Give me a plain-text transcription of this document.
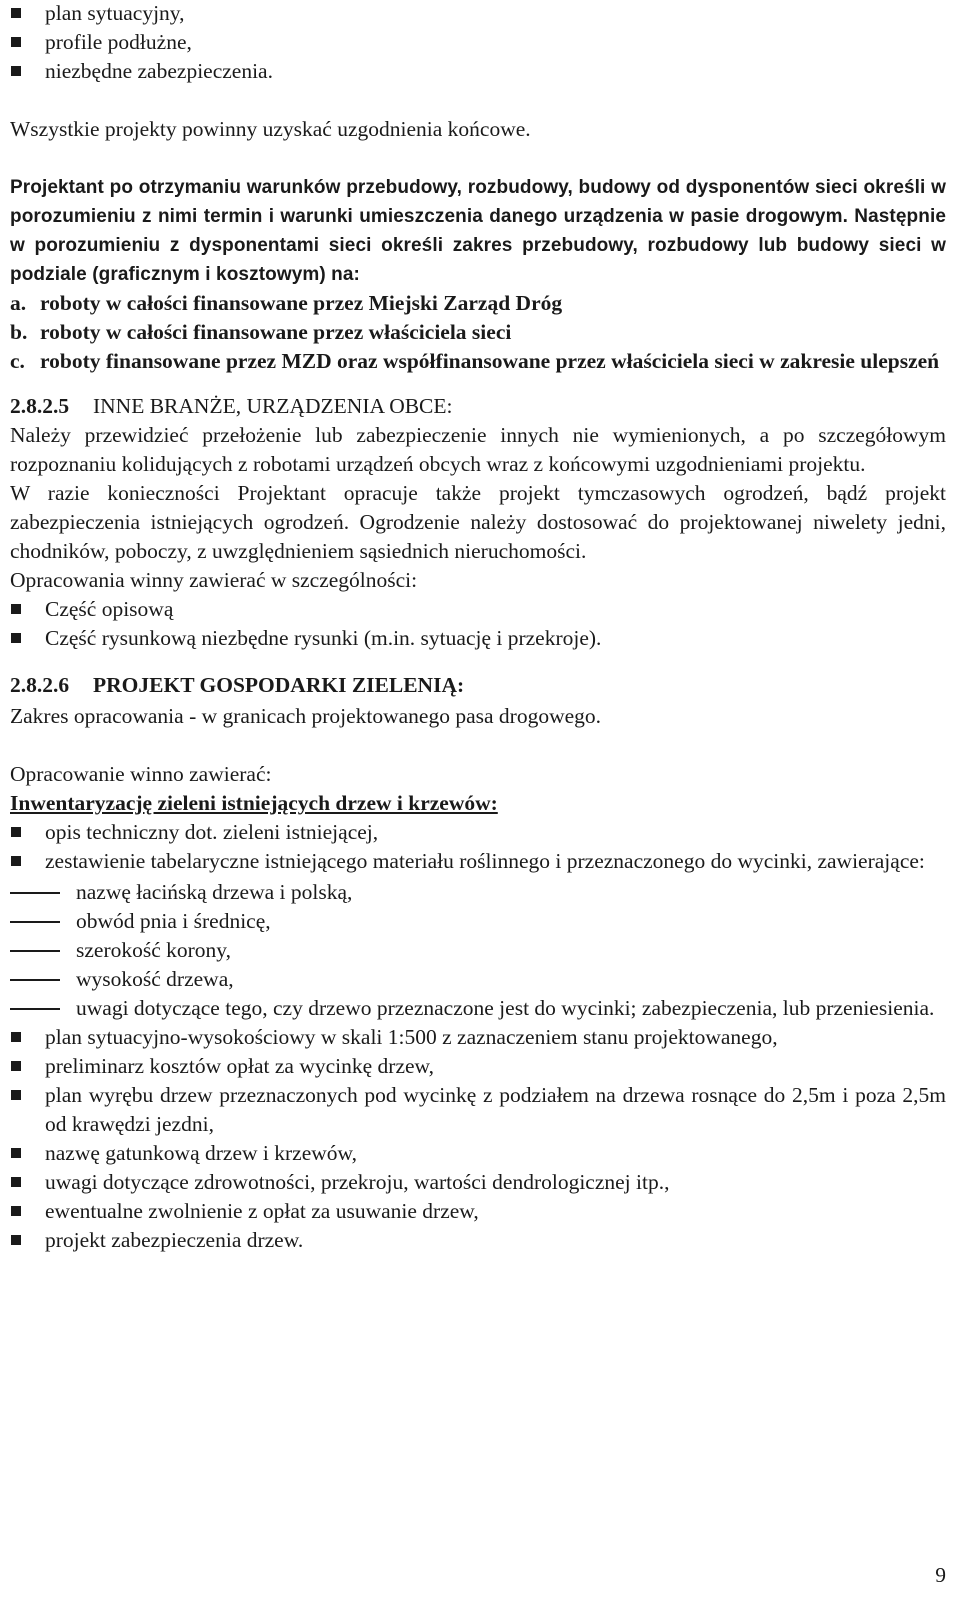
plan sytuacyjny,
profile podłużne,
niezbędne zabezpieczenia.

Wszystkie projekty powinny uzyskać uzgodnienia końcowe.

Projektant po otrzymaniu warunków przebudowy, rozbudowy, budowy od dysponentów sieci określi w porozumieniu z nimi termin i warunki umieszczenia danego urządzenia w pasie drogowym. Następnie w porozumieniu z dysponentami sieci określi zakres przebudowy, rozbudowy lub budowy sieci w podziale (graficznym i kosztowym) na:

a. roboty w całości finansowane przez Miejski Zarząd Dróg
b. roboty w całości finansowane przez właściciela sieci
c. roboty finansowane przez MZD oraz współfinansowane przez właściciela sieci w zakresie ulepszeń
2.8.2.5 INNE BRANŻE, URZĄDZENIA OBCE:

Należy przewidzieć przełożenie lub zabezpieczenie innych nie wymienionych, a po szczegółowym rozpoznaniu kolidujących z robotami urządzeń obcych wraz z końcowymi uzgodnieniami projektu.

W razie konieczności Projektant opracuje także projekt tymczasowych ogrodzeń, bądź projekt zabezpieczenia istniejących ogrodzeń. Ogrodzenie należy dostosować do projektowanej niwelety jedni, chodników, poboczy, z uwzględnieniem sąsiednich nieruchomości.

Opracowania winny zawierać w szczególności:

Część opisową
Część rysunkową niezbędne rysunki (m.in. sytuację i przekroje).
2.8.2.6 PROJEKT GOSPODARKI ZIELENIĄ:

Zakres opracowania - w granicach projektowanego pasa drogowego.

Opracowanie winno zawierać:

Inwentaryzację zieleni istniejących drzew i krzewów:

opis techniczny dot. zieleni istniejącej,
zestawienie tabelaryczne istniejącego materiału roślinnego i przeznaczonego do wycinki, zawierające:
nazwę łacińską drzewa i polską,
obwód pnia i średnicę,
szerokość korony,
wysokość drzewa,
uwagi dotyczące tego, czy drzewo przeznaczone jest do wycinki; zabezpieczenia, lub przeniesienia.
plan sytuacyjno-wysokościowy w skali 1:500 z zaznaczeniem stanu projektowanego,
preliminarz kosztów opłat za wycinkę drzew,
plan wyrębu drzew przeznaczonych pod wycinkę z podziałem na drzewa rosnące do 2,5m i poza 2,5m od krawędzi jezdni,
nazwę gatunkową drzew i krzewów,
uwagi dotyczące zdrowotności, przekroju, wartości dendrologicznej itp.,
ewentualne zwolnienie z opłat za usuwanie drzew,
projekt zabezpieczenia drzew.
9
